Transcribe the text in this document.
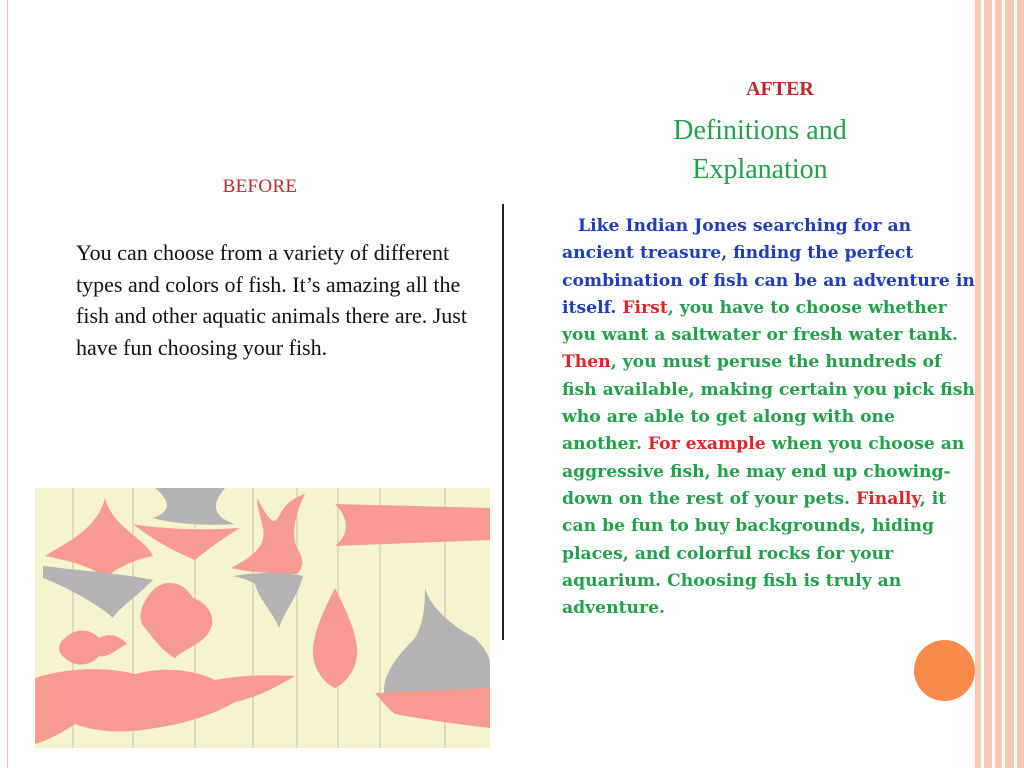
BEFORE
You can choose from a variety of different types and colors of fish. It’s amazing all the fish and other aquatic animals there are. Just have fun choosing your fish.
AFTER
Definitions and
Explanation
Like Indian Jones searching for an ancient treasure, finding the perfect combination of fish can be an adventure in itself. First, you have to choose whether you want a saltwater or fresh water tank. Then, you must peruse the hundreds of fish available, making certain you pick fish who are able to get along with one another. For example when you choose an aggressive fish, he may end up chowing-down on the rest of your pets. Finally, it can be fun to buy backgrounds, hiding places, and colorful rocks for your aquarium. Choosing fish is truly an adventure.
